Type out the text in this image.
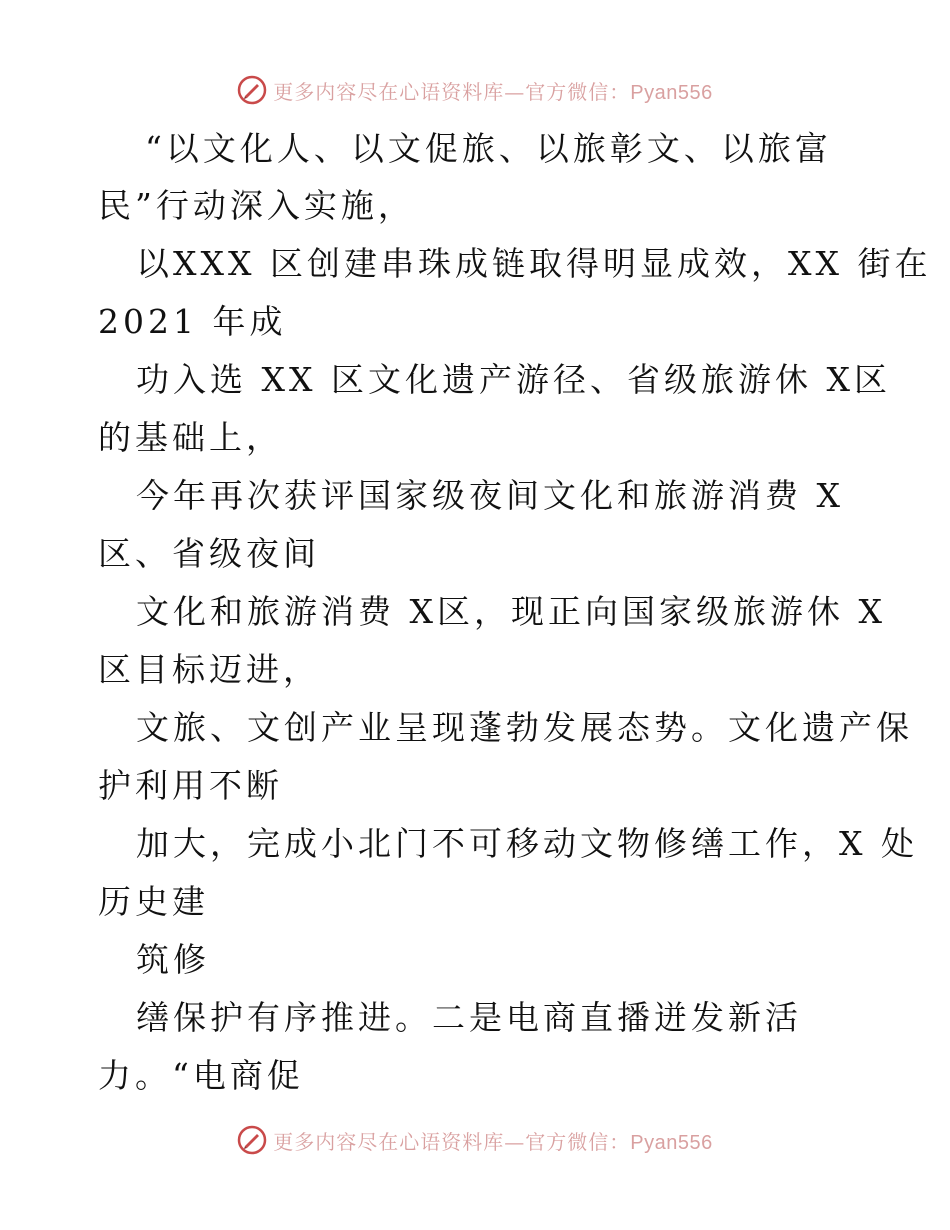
更多内容尽在心语资料库—官方微信：Pyan556
“以文化人、以文促旅、以旅彰文、以旅富
民”行动深入实施，
以XXX 区创建串珠成链取得明显成效，XX 街在
2021 年成
功入选 XX 区文化遗产游径、省级旅游休 X区
的基础上，
今年再次获评国家级夜间文化和旅游消费 X
区、省级夜间
文化和旅游消费 X区，现正向国家级旅游休 X
区目标迈进，
文旅、文创产业呈现蓬勃发展态势。文化遗产保
护利用不断
加大，完成小北门不可移动文物修缮工作，X 处
历史建
筑修
缮保护有序推进。二是电商直播迸发新活
力。“电商促
更多内容尽在心语资料库—官方微信：Pyan556
